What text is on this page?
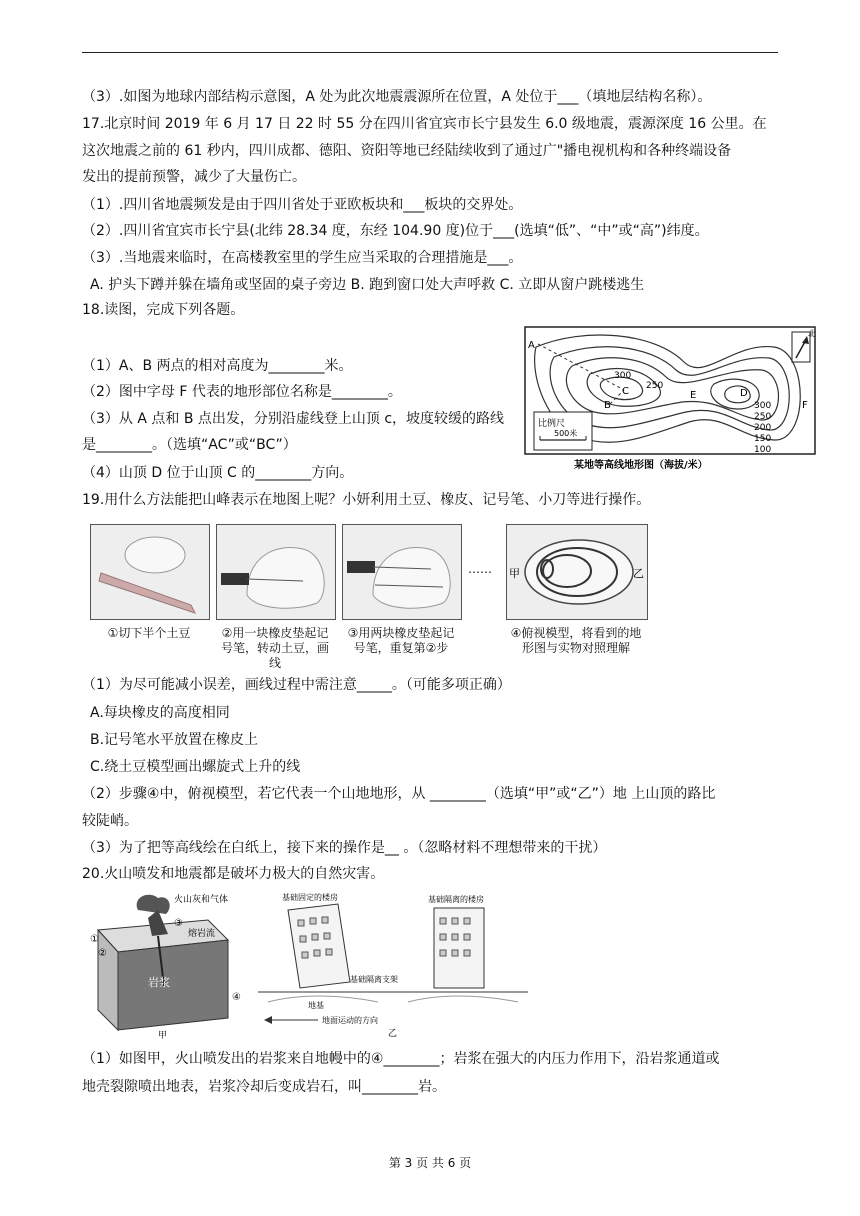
（3）.如图为地球内部结构示意图，A 处为此次地震震源所在位置，A 处位于___（填地层结构名称）。
17.北京时间 2019 年 6 月 17 日 22 时 55 分在四川省宜宾市长宁县发生 6.0 级地震，震源深度 16 公里。在
这次地震之前的 61 秒内，四川成都、德阳、资阳等地已经陆续收到了通过广"播电视机构和各种终端设备
发出的提前预警，减少了大量伤亡。
（1）.四川省地震频发是由于四川省处于亚欧板块和___板块的交界处。
（2）.四川省宜宾市长宁县(北纬 28.34 度，东经 104.90 度)位于___(选填“低”、“中”或“高”)纬度。
（3）.当地震来临时，在高楼教室里的学生应当采取的合理措施是___。
A. 护头下蹲并躲在墙角或坚固的桌子旁边 B. 跑到窗口处大声呼救 C. 立即从窗户跳楼逃生
18.读图，完成下列各题。
（1）A、B 两点的相对高度为________米。
（2）图中字母 F 代表的地形部位名称是________。
（3）从 A 点和 B 点出发，分别沿虚线登上山顶 c，坡度较缓的路线
是________。（选填“AC”或“BC”）
（4）山顶 D 位于山顶 C 的________方向。
19.用什么方法能把山峰表示在地图上呢？小妍利用土豆、橡皮、记号笔、小刀等进行操作。
（1）为尽可能减小误差，画线过程中需注意_____。（可能多项正确）
A.每块橡皮的高度相同
B.记号笔水平放置在橡皮上
C.绕土豆模型画出螺旋式上升的线
（2）步骤④中，俯视模型，若它代表一个山地地形，从 ________（选填“甲”或“乙”）地 上山顶的路比
较陡峭。
（3）为了把等高线绘在白纸上，接下来的操作是__ 。（忽略材料不理想带来的干扰）
20.火山喷发和地震都是破坏力极大的自然灾害。
（1）如图甲，火山喷发出的岩浆来自地幔中的④________；岩浆在强大的内压力作用下，沿岩浆通道或
地壳裂隙喷出地表，岩浆冷却后变成岩石，叫________岩。
北
A
B
C	D
E
F
300
250
300
250
200
150
100
比例尺
500米
某地等高线地形图（海拔/米）
…… 甲	乙
①切下半个土豆	②用一块橡皮垫起记号笔，转动土豆，画线
③用两块橡皮垫起记号笔，重复第②步
④俯视模型，将看到的地形图与实物对照理解
岩浆
火山灰和气体
熔岩流
①
②
③
④
甲
基础固定的楼房	基础隔离的楼房
基础隔离支架
地基
地面运动的方向
乙
第 3 页 共 6 页
